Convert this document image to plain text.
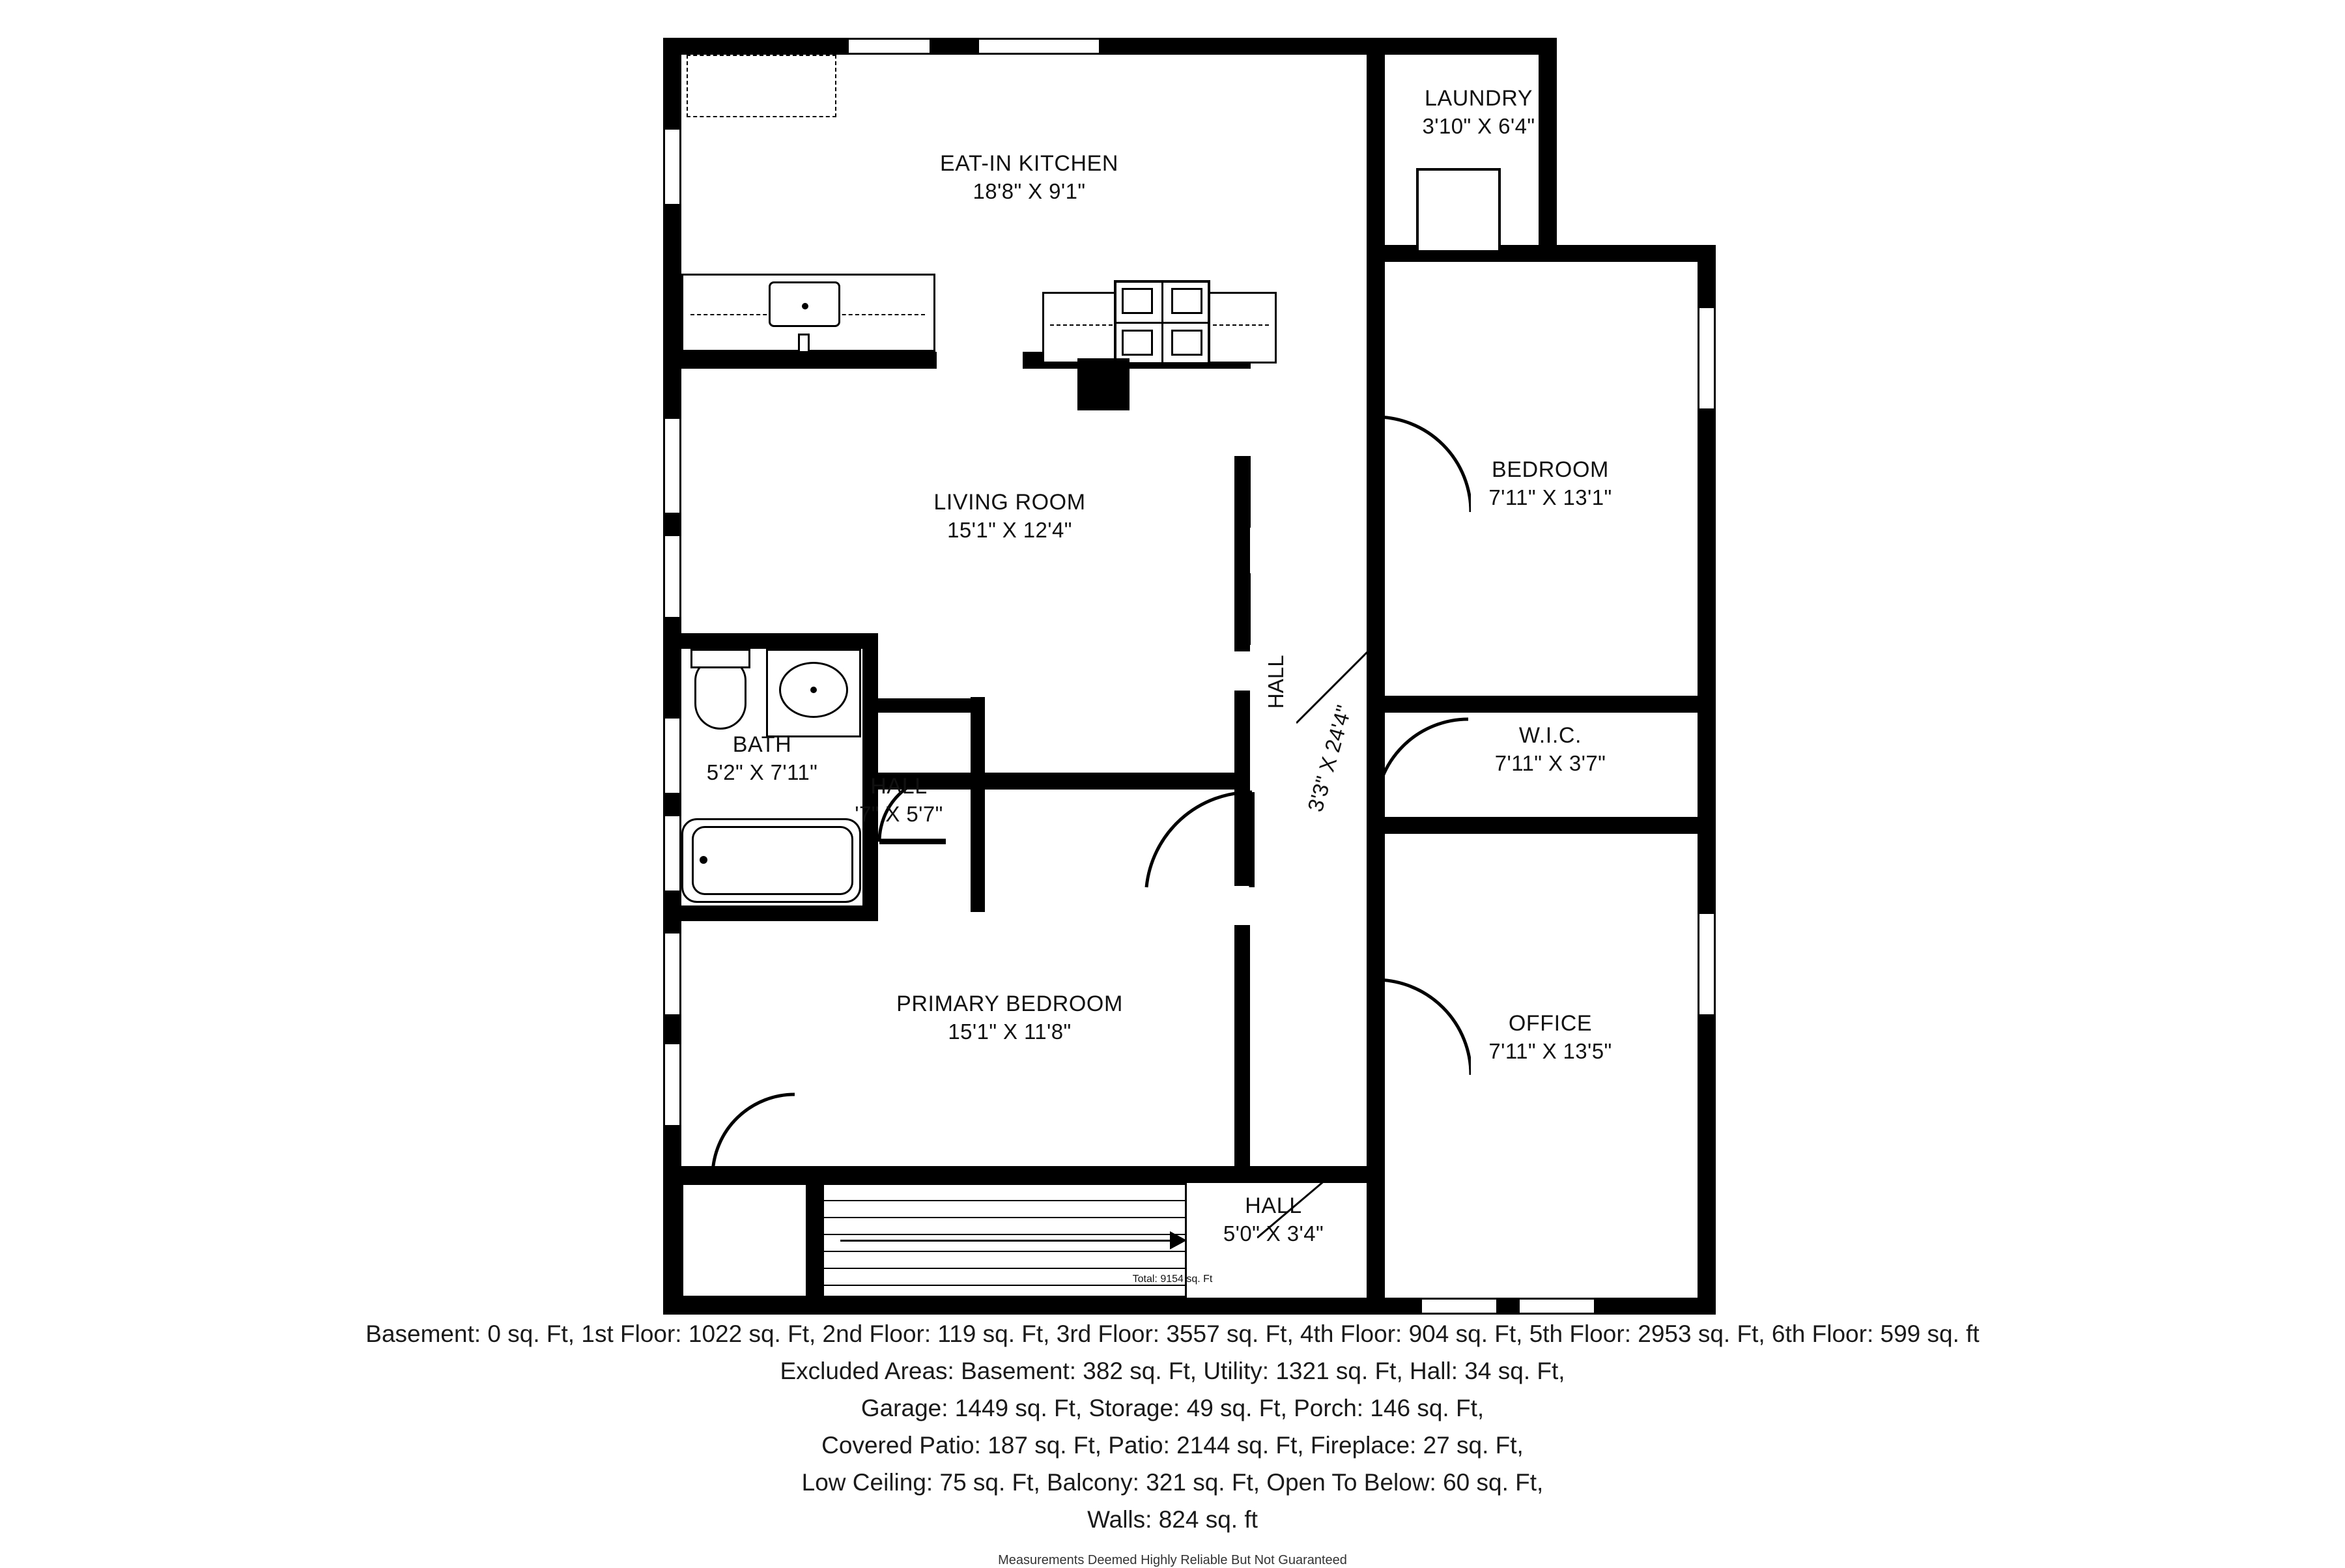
EAT-IN KITCHEN
18'8" X 9'1"
LAUNDRY
3'10" X 6'4"
BEDROOM
7'11" X 13'1"
LIVING ROOM
15'1" X 12'4"
BATH
5'2" X 7'11"
HALL
'7" X 5'7"
W.I.C.
7'11" X 3'7"
HALL
3'3" X 24'4"
PRIMARY BEDROOM
15'1" X 11'8"	OFFICE
7'11" X 13'5"
HALL
5'0" X 3'4"
Total: 9154 sq. Ft
Basement: 0 sq. Ft, 1st Floor: 1022 sq. Ft, 2nd Floor: 119 sq. Ft, 3rd Floor: 3557 sq. Ft, 4th Floor: 904 sq. Ft, 5th Floor: 2953 sq. Ft, 6th Floor: 599 sq. ft
Excluded Areas: Basement: 382 sq. Ft, Utility: 1321 sq. Ft, Hall: 34 sq. Ft,
Garage: 1449 sq. Ft, Storage: 49 sq. Ft, Porch: 146 sq. Ft,
Covered Patio: 187 sq. Ft, Patio: 2144 sq. Ft, Fireplace: 27 sq. Ft,
Low Ceiling: 75 sq. Ft, Balcony: 321 sq. Ft, Open To Below: 60 sq. Ft,
Walls: 824 sq. ft
Measurements Deemed Highly Reliable But Not Guaranteed
